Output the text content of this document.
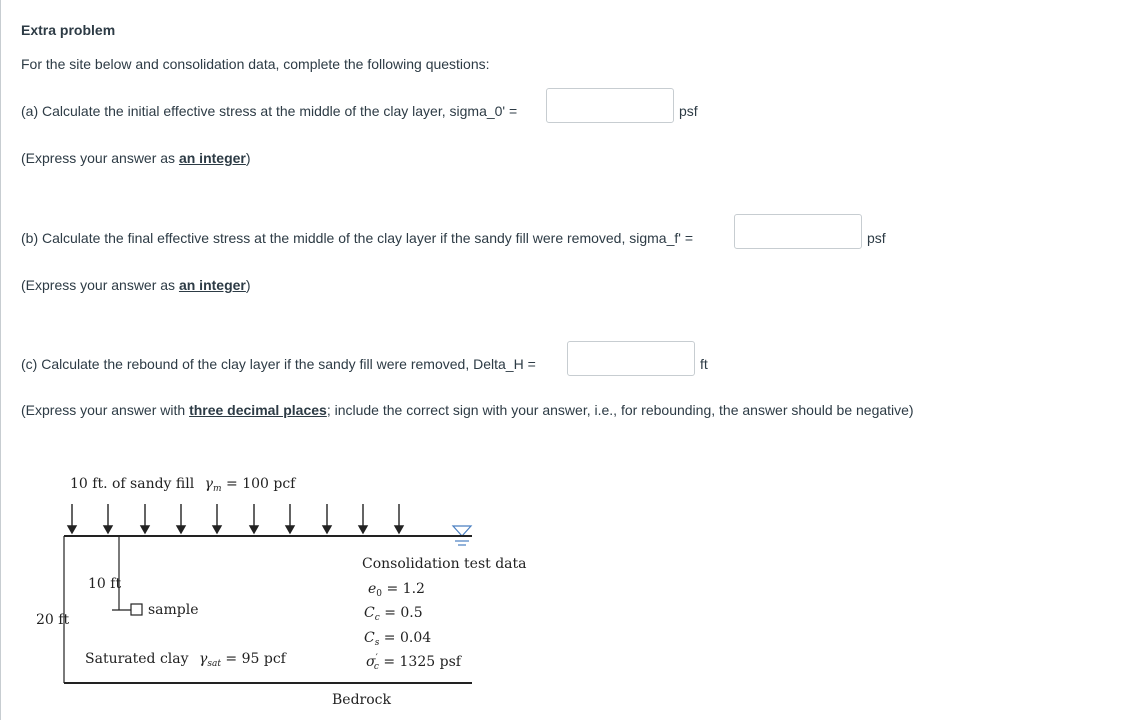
Extra problem
For the site below and consolidation data, complete the following questions:
(a) Calculate the initial effective stress at the middle of the clay layer, sigma_0' =	psf
(Express your answer as an integer)
(b) Calculate the final effective stress at the middle of the clay layer if the sandy fill were removed, sigma_f' =	psf
(Express your answer as an integer)
(c) Calculate the rebound of the clay layer if the sandy fill were removed, Delta_H =	ft
(Express your answer with three decimal places; include the correct sign with your answer, i.e., for rebounding, the answer should be negative)
10 ft. of sandy fill $\gamma_m = 100$ pcf
10 ft
sample
20 ft
Saturated clay $\gamma_{sat} = 95$ pcf
Bedrock
Consolidation test data
$e_0 = 1.2$
$C_c = 0.5$
$C_s = 0.04$
σ′ c = 1325 psf
